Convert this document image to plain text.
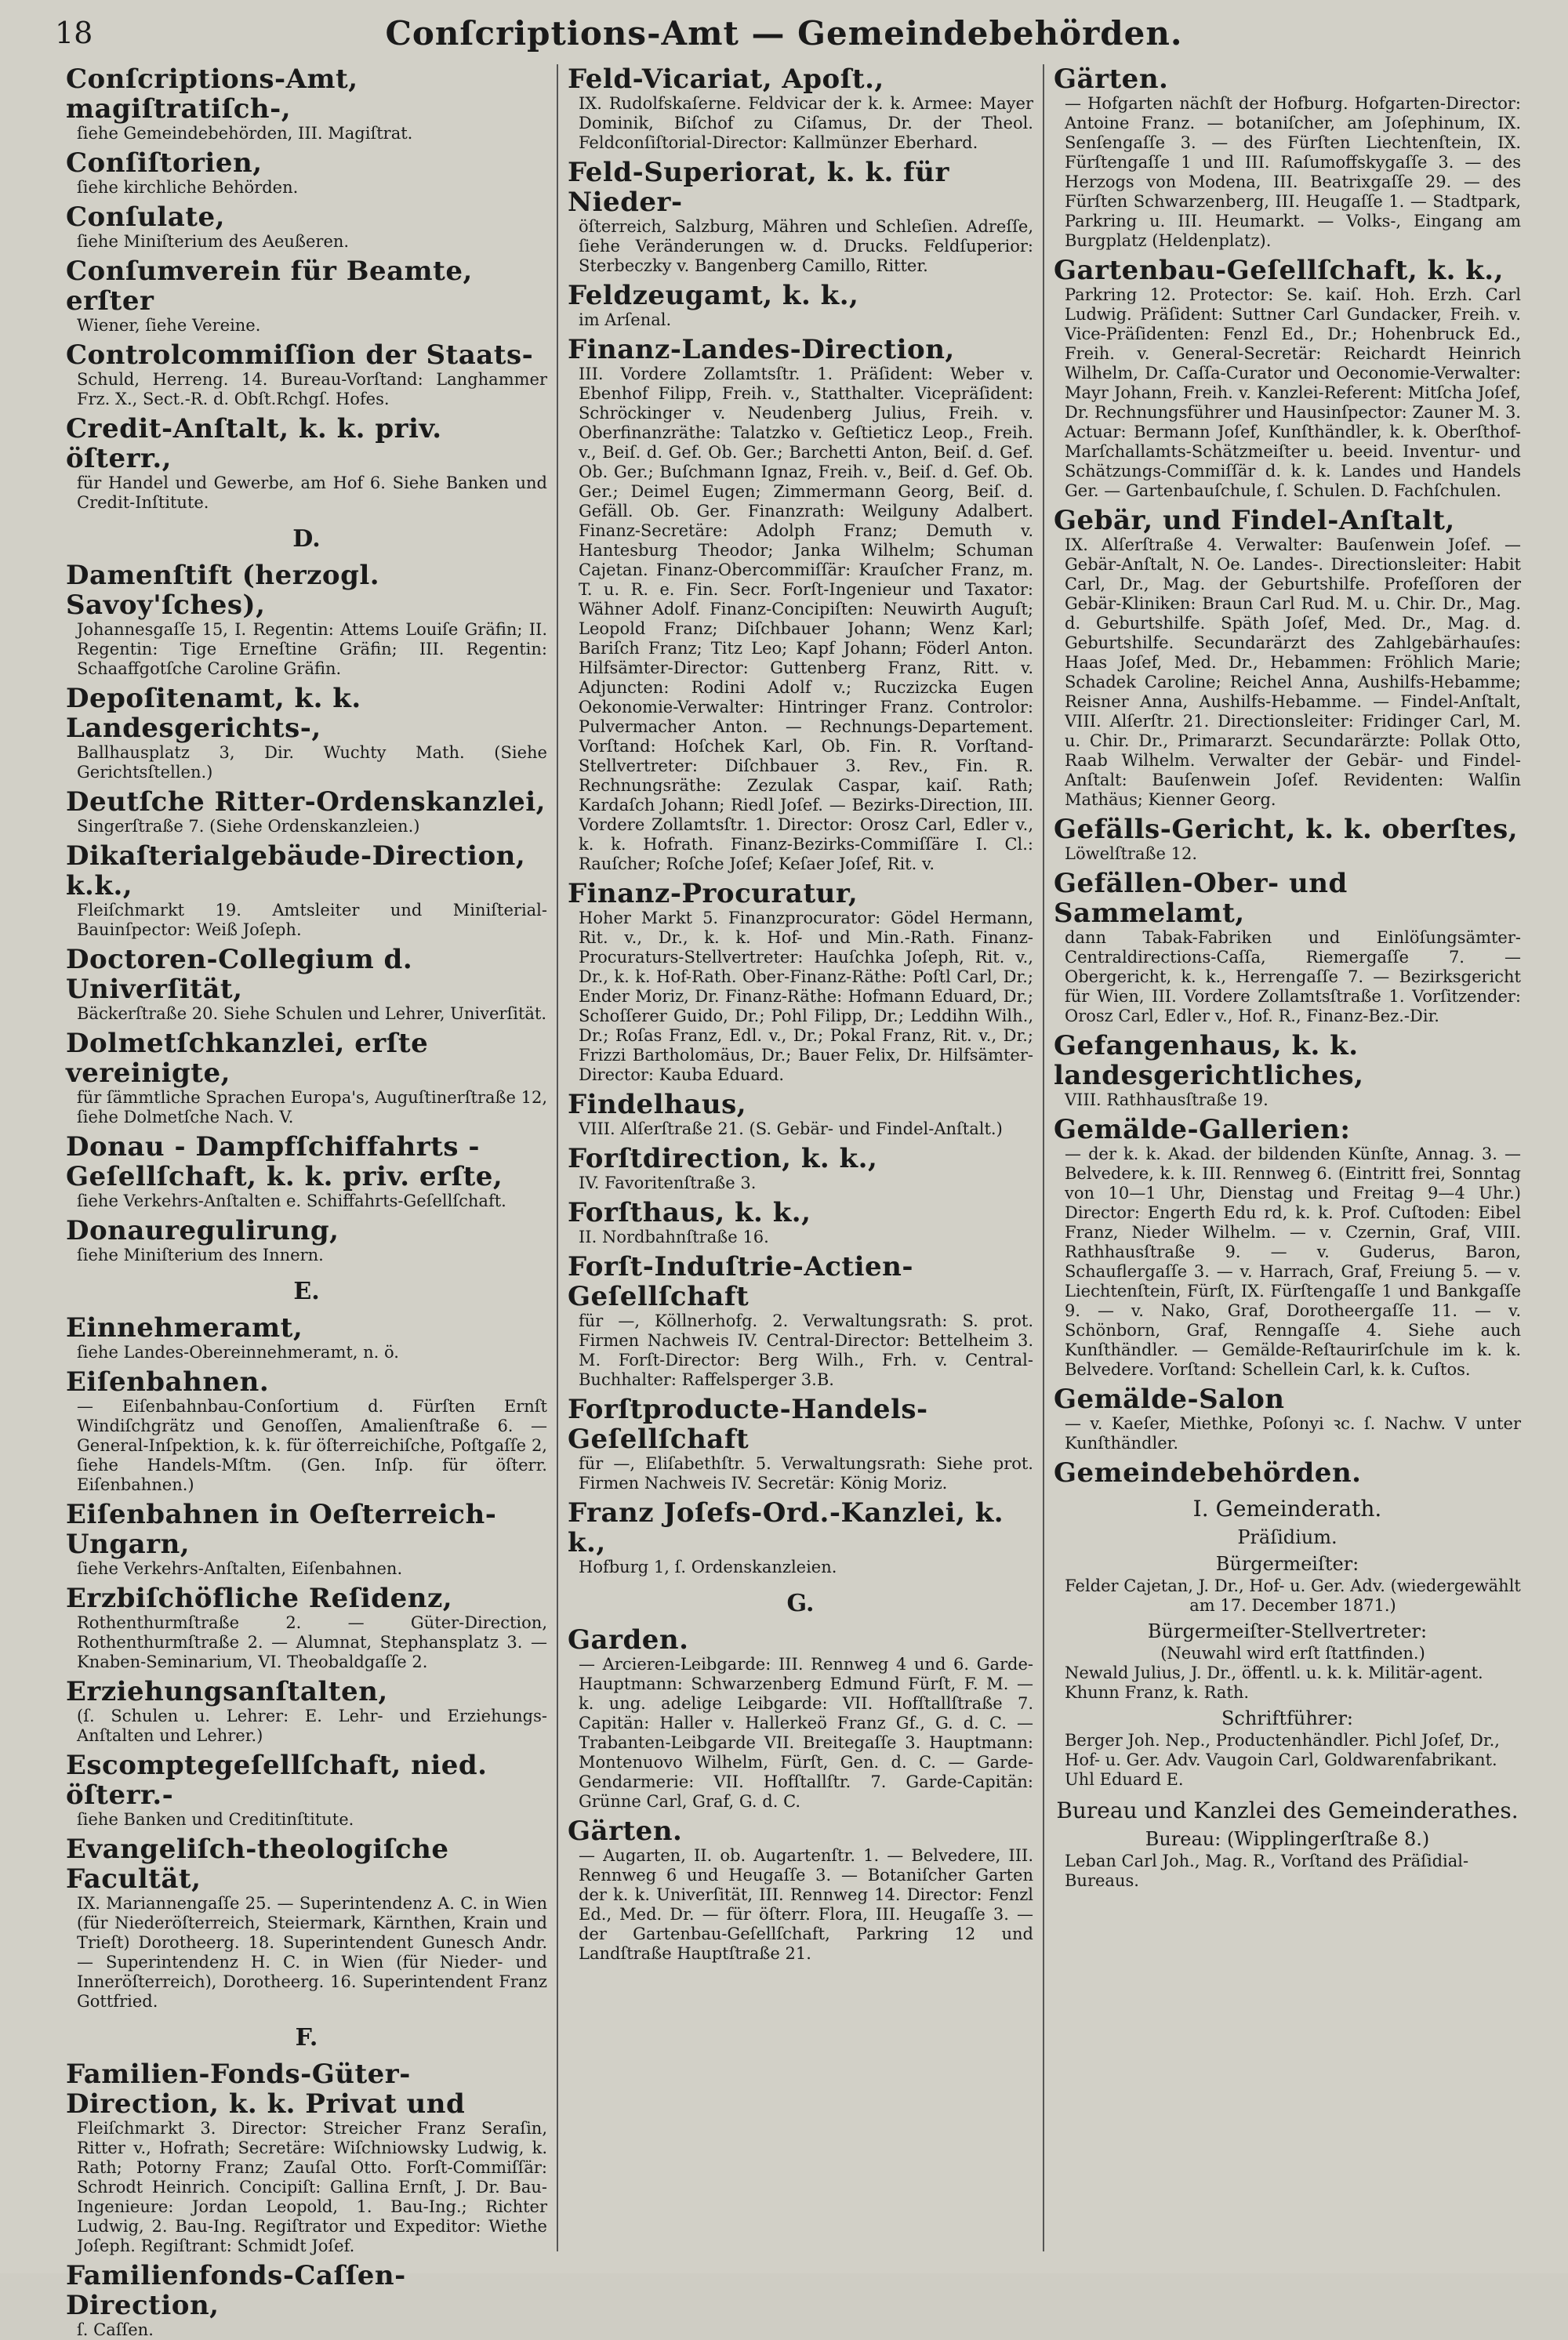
18	Conſcriptions-Amt — Gemeindebehörden.
Conſcriptions-Amt, magiſtratiſch-,
ſiehe Gemeindebehörden, III. Magiſtrat.
Conſiſtorien,
ſiehe kirchliche Behörden.
Conſulate,
ſiehe Miniſterium des Aeußeren.
Conſumverein für Beamte, erſter
Wiener, ſiehe Vereine.
Controlcommiſſion der Staats-
Schuld, Herreng. 14. Bureau-Vorſtand: Langhammer Frz. X., Sect.-R. d. Obſt.Rchgſ. Hofes.
Credit-Anſtalt, k. k. priv. öſterr.,
für Handel und Gewerbe, am Hof 6. Siehe Banken und Credit-Inſtitute.
D.
Damenſtift (herzogl. Savoy'ſches),
Johannesgaſſe 15, I. Regentin: Attems Louiſe Gräfin; II. Regentin: Tige Erneſtine Gräfin; III. Regentin: Schaaffgotſche Caroline Gräfin.
Depoſitenamt, k. k. Landesgerichts-,
Ballhausplatz 3, Dir. Wuchty Math. (Siehe Gerichtsſtellen.)
Deutſche Ritter-Ordenskanzlei,
Singerſtraße 7. (Siehe Ordenskanzleien.)
Dikaſterialgebäude-Direction, k.k.,
Fleiſchmarkt 19. Amtsleiter und Miniſterial-Bauinſpector: Weiß Joſeph.
Doctoren-Collegium d. Univerſität,
Bäckerſtraße 20. Siehe Schulen und Lehrer, Univerſität.
Dolmetſchkanzlei, erſte vereinigte,
für ſämmtliche Sprachen Europa's, Auguſtinerſtraße 12, ſiehe Dolmetſche Nach. V.
Donau - Dampfſchiffahrts - Geſellſchaft, k. k. priv. erſte,
ſiehe Verkehrs-Anſtalten e. Schiffahrts-Geſellſchaft.
Donauregulirung,
ſiehe Miniſterium des Innern.
E.
Einnehmeramt,
ſiehe Landes-Obereinnehmeramt, n. ö.
Eiſenbahnen.
— Eiſenbahnbau-Conſortium d. Fürſten Ernſt Windiſchgrätz und Genoſſen, Amalienſtraße 6. — General-Inſpektion, k. k. für öſterreichiſche, Poſtgaſſe 2, ſiehe Handels-Mſtm. (Gen. Inſp. für öſterr. Eiſenbahnen.)
Eiſenbahnen in Oeſterreich-Ungarn,
ſiehe Verkehrs-Anſtalten, Eiſenbahnen.
Erzbiſchöfliche Reſidenz,
Rothenthurmſtraße 2. — Güter-Direction, Rothenthurmſtraße 2. — Alumnat, Stephansplatz 3. — Knaben-Seminarium, VI. Theobaldgaſſe 2.
Erziehungsanſtalten,
(ſ. Schulen u. Lehrer: E. Lehr- und Erziehungs-Anſtalten und Lehrer.)
Escomptegeſellſchaft, nied. öſterr.-
ſiehe Banken und Creditinſtitute.
Evangeliſch-theologiſche Facultät,
IX. Mariannengaſſe 25. — Superintendenz A. C. in Wien (für Niederöſterreich, Steiermark, Kärnthen, Krain und Trieſt) Dorotheerg. 18. Superintendent Gunesch Andr. — Superintendenz H. C. in Wien (für Nieder- und Inneröſterreich), Dorotheerg. 16. Superintendent Franz Gottfried.
F.
Familien-Fonds-Güter-Direction, k. k. Privat und
Fleiſchmarkt 3. Director: Streicher Franz Seraſin, Ritter v., Hofrath; Secretäre: Wiſchniowsky Ludwig, k. Rath; Potorny Franz; Zauſal Otto. Forſt-Commiſſär: Schrodt Heinrich. Concipiſt: Gallina Ernſt, J. Dr. Bau-Ingenieure: Jordan Leopold, 1. Bau-Ing.; Richter Ludwig, 2. Bau-Ing. Regiſtrator und Expeditor: Wiethe Joſeph. Regiſtrant: Schmidt Joſef.
Familienfonds-Caſſen-Direction,
ſ. Caſſen.
Feld-Vicariat, Apoſt.,
IX. Rudolfskaſerne. Feldvicar der k. k. Armee: Mayer Dominik, Biſchof zu Ciſamus, Dr. der Theol. Feldconſiſtorial-Director: Kallmünzer Eberhard.
Feld-Superiorat, k. k. für Nieder-
öſterreich, Salzburg, Mähren und Schleſien. Adreſſe, ſiehe Veränderungen w. d. Drucks. Feldſuperior: Sterbeczky v. Bangenberg Camillo, Ritter.
Feldzeugamt, k. k.,
im Arſenal.
Finanz-Landes-Direction,
III. Vordere Zollamtsſtr. 1. Präſident: Weber v. Ebenhof Filipp, Freih. v., Statthalter. Vicepräſident: Schröckinger v. Neudenberg Julius, Freih. v. Oberfinanzräthe: Talatzko v. Geſtieticz Leop., Freih. v., Beiſ. d. Gef. Ob. Ger.; Barchetti Anton, Beiſ. d. Gef. Ob. Ger.; Buſchmann Ignaz, Freih. v., Beiſ. d. Gef. Ob. Ger.; Deimel Eugen; Zimmermann Georg, Beiſ. d. Gefäll. Ob. Ger. Finanzrath: Weilguny Adalbert. Finanz-Secretäre: Adolph Franz; Demuth v. Hantesburg Theodor; Janka Wilhelm; Schuman Cajetan. Finanz-Obercommiſſär: Krauſcher Franz, m. T. u. R. e. Fin. Secr. Forſt-Ingenieur und Taxator: Wähner Adolf. Finanz-Concipiſten: Neuwirth Auguſt; Leopold Franz; Diſchbauer Johann; Wenz Karl; Bariſch Franz; Titz Leo; Kapf Johann; Föderl Anton. Hilfsämter-Director: Guttenberg Franz, Ritt. v. Adjuncten: Rodini Adolf v.; Ruczizcka Eugen Oekonomie-Verwalter: Hintringer Franz. Controlor: Pulvermacher Anton. — Rechnungs-Departement. Vorſtand: Hoſchek Karl, Ob. Fin. R. Vorſtand-Stellvertreter: Diſchbauer 3. Rev., Fin. R. Rechnungsräthe: Zezulak Caspar, kaiſ. Rath; Kardaſch Johann; Riedl Joſef. — Bezirks-Direction, III. Vordere Zollamtsſtr. 1. Director: Orosz Carl, Edler v., k. k. Hofrath. Finanz-Bezirks-Commiſſäre I. Cl.: Rauſcher; Roſche Joſef; Keſaer Joſef, Rit. v.
Finanz-Procuratur,
Hoher Markt 5. Finanzprocurator: Gödel Hermann, Rit. v., Dr., k. k. Hof- und Min.-Rath. Finanz-Procuraturs-Stellvertreter: Hauſchka Joſeph, Rit. v., Dr., k. k. Hof-Rath. Ober-Finanz-Räthe: Poſtl Carl, Dr.; Ender Moriz, Dr. Finanz-Räthe: Hofmann Eduard, Dr.; Schoſſerer Guido, Dr.; Pohl Filipp, Dr.; Leddihn Wilh., Dr.; Roſas Franz, Edl. v., Dr.; Pokal Franz, Rit. v., Dr.; Frizzi Bartholomäus, Dr.; Bauer Felix, Dr. Hilfsämter-Director: Kauba Eduard.
Findelhaus,
VIII. Alſerſtraße 21. (S. Gebär- und Findel-Anſtalt.)
Forſtdirection, k. k.,
IV. Favoritenſtraße 3.
Forſthaus, k. k.,
II. Nordbahnſtraße 16.
Forſt-Induſtrie-Actien-Geſellſchaft
für —, Köllnerhofg. 2. Verwaltungsrath: S. prot. Firmen Nachweis IV. Central-Director: Bettelheim 3. M. Forſt-Director: Berg Wilh., Frh. v. Central-Buchhalter: Raffelsperger 3.B.
Forſtproducte-Handels-Geſellſchaft
für —, Eliſabethſtr. 5. Verwaltungsrath: Siehe prot. Firmen Nachweis IV. Secretär: König Moriz.
Franz Joſefs-Ord.-Kanzlei, k. k.,
Hofburg 1, ſ. Ordenskanzleien.
G.
Garden.
— Arcieren-Leibgarde: III. Rennweg 4 und 6. Garde-Hauptmann: Schwarzenberg Edmund Fürſt, F. M. — k. ung. adelige Leibgarde: VII. Hofſtallſtraße 7. Capitän: Haller v. Hallerkeö Franz Gf., G. d. C. — Trabanten-Leibgarde VII. Breitegaſſe 3. Hauptmann: Montenuovo Wilhelm, Fürſt, Gen. d. C. — Garde-Gendarmerie: VII. Hofſtallſtr. 7. Garde-Capitän: Grünne Carl, Graf, G. d. C.
Gärten.
— Augarten, II. ob. Augartenſtr. 1. — Belvedere, III. Rennweg 6 und Heugaſſe 3. — Botaniſcher Garten der k. k. Univerſität, III. Rennweg 14. Director: Fenzl Ed., Med. Dr. — für öſterr. Flora, III. Heugaſſe 3. — der Gartenbau-Geſellſchaft, Parkring 12 und Landſtraße Hauptſtraße 21.
Gärten.
— Hofgarten nächſt der Hofburg. Hofgarten-Director: Antoine Franz. — botaniſcher, am Joſephinum, IX. Senſengaſſe 3. — des Fürſten Liechtenſtein, IX. Fürſtengaſſe 1 und III. Raſumoffskygaſſe 3. — des Herzogs von Modena, III. Beatrixgaſſe 29. — des Fürſten Schwarzenberg, III. Heugaſſe 1. — Stadtpark, Parkring u. III. Heumarkt. — Volks-, Eingang am Burgplatz (Heldenplatz).
Gartenbau-Geſellſchaft, k. k.,
Parkring 12. Protector: Se. kaiſ. Hoh. Erzh. Carl Ludwig. Präſident: Suttner Carl Gundacker, Freih. v. Vice-Präſidenten: Fenzl Ed., Dr.; Hohenbruck Ed., Freih. v. General-Secretär: Reichardt Heinrich Wilhelm, Dr. Caſſa-Curator und Oeconomie-Verwalter: Mayr Johann, Freih. v. Kanzlei-Referent: Mitſcha Joſef, Dr. Rechnungsführer und Hausinſpector: Zauner M. 3. Actuar: Bermann Joſef, Kunſthändler, k. k. Oberſthof-Marſchallamts-Schätzmeiſter u. beeid. Inventur- und Schätzungs-Commiſſär d. k. k. Landes und Handels Ger. — Gartenbauſchule, ſ. Schulen. D. Fachſchulen.
Gebär, und Findel-Anſtalt,
IX. Alſerſtraße 4. Verwalter: Bauſenwein Joſef. — Gebär-Anſtalt, N. Oe. Landes-. Directionsleiter: Habit Carl, Dr., Mag. der Geburtshilfe. Profeſſoren der Gebär-Kliniken: Braun Carl Rud. M. u. Chir. Dr., Mag. d. Geburtshilfe. Späth Joſef, Med. Dr., Mag. d. Geburtshilfe. Secundarärzt des Zahlgebärhauſes: Haas Joſef, Med. Dr., Hebammen: Fröhlich Marie; Schadek Caroline; Reichel Anna, Aushilfs-Hebamme; Reisner Anna, Aushilfs-Hebamme. — Findel-Anſtalt, VIII. Alſerſtr. 21. Directionsleiter: Fridinger Carl, M. u. Chir. Dr., Primararzt. Secundarärzte: Pollak Otto, Raab Wilhelm. Verwalter der Gebär- und Findel-Anſtalt: Bauſenwein Joſef. Revidenten: Walſin Mathäus; Kienner Georg.
Gefälls-Gericht, k. k. oberſtes,
Löwelſtraße 12.
Gefällen-Ober- und Sammelamt,
dann Tabak-Fabriken und Einlöſungsämter-Centraldirections-Caſſa, Riemergaſſe 7. — Obergericht, k. k., Herrengaſſe 7. — Bezirksgericht für Wien, III. Vordere Zollamtsſtraße 1. Vorſitzender: Orosz Carl, Edler v., Hof. R., Finanz-Bez.-Dir.
Gefangenhaus, k. k. landesgerichtliches,
VIII. Rathhausſtraße 19.
Gemälde-Gallerien:
— der k. k. Akad. der bildenden Künſte, Annag. 3. — Belvedere, k. k. III. Rennweg 6. (Eintritt frei, Sonntag von 10—1 Uhr, Dienstag und Freitag 9—4 Uhr.) Director: Engerth Edu rd, k. k. Prof. Cuſtoden: Eibel Franz, Nieder Wilhelm. — v. Czernin, Graf, VIII. Rathhausſtraße 9. — v. Guderus, Baron, Schauflergaſſe 3. — v. Harrach, Graf, Freiung 5. — v. Liechtenſtein, Fürſt, IX. Fürſtengaſſe 1 und Bankgaſſe 9. — v. Nako, Graf, Dorotheergaſſe 11. — v. Schönborn, Graf, Renngaſſe 4. Siehe auch Kunſthändler. — Gemälde-Reſtaurirſchule im k. k. Belvedere. Vorſtand: Schellein Carl, k. k. Cuſtos.
Gemälde-Salon
— v. Kaeſer, Miethke, Poſonyi ꝛc. ſ. Nachw. V unter Kunſthändler.
Gemeindebehörden.
I. Gemeinderath.
Präſidium.
Bürgermeiſter:
Felder Cajetan, J. Dr., Hof- u. Ger. Adv. (wiedergewählt am 17. December 1871.)
Bürgermeiſter-Stellvertreter:
(Neuwahl wird erſt ſtattfinden.)
Newald Julius, J. Dr., öffentl. u. k. k. Militär-agent.
Khunn Franz, k. Rath.
Schriftführer:
Berger Joh. Nep., Productenhändler. Pichl Joſef, Dr., Hof- u. Ger. Adv. Vaugoin Carl, Goldwarenfabrikant. Uhl Eduard E.
Bureau und Kanzlei des Gemeinderathes.
Bureau: (Wipplingerſtraße 8.)
Leban Carl Joh., Mag. R., Vorſtand des Präſidial-Bureaus.
